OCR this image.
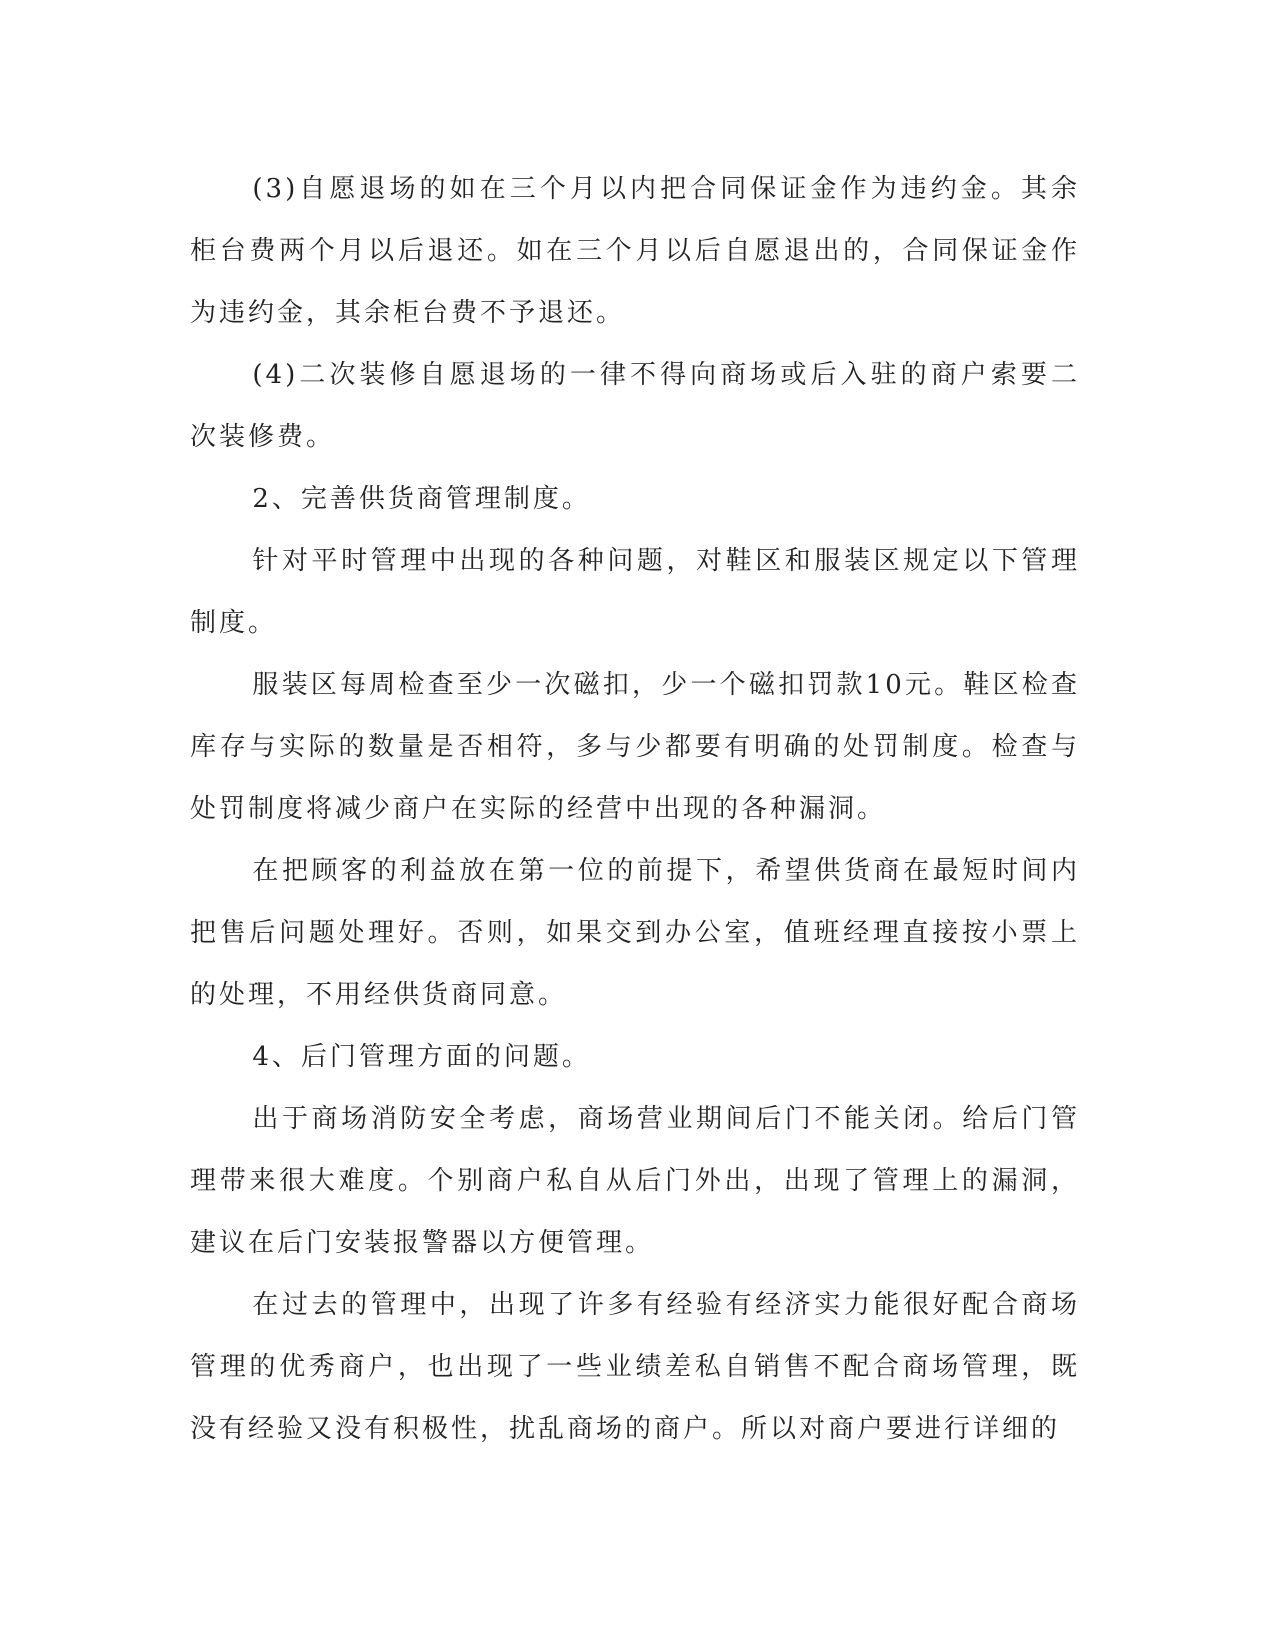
(3)自愿退场的如在三个月以内把合同保证金作为违约金。其余柜台费两个月以后退还。如在三个月以后自愿退出的，合同保证金作为违约金，其余柜台费不予退还。

(4)二次装修自愿退场的一律不得向商场或后入驻的商户索要二次装修费。

2、完善供货商管理制度。

针对平时管理中出现的各种问题，对鞋区和服装区规定以下管理制度。

服装区每周检查至少一次磁扣，少一个磁扣罚款10元。鞋区检查库存与实际的数量是否相符，多与少都要有明确的处罚制度。检查与处罚制度将减少商户在实际的经营中出现的各种漏洞。

在把顾客的利益放在第一位的前提下，希望供货商在最短时间内把售后问题处理好。否则，如果交到办公室，值班经理直接按小票上的处理，不用经供货商同意。

4、后门管理方面的问题。

出于商场消防安全考虑，商场营业期间后门不能关闭。给后门管理带来很大难度。个别商户私自从后门外出，出现了管理上的漏洞，建议在后门安装报警器以方便管理。

在过去的管理中，出现了许多有经验有经济实力能很好配合商场管理的优秀商户，也出现了一些业绩差私自销售不配合商场管理，既没有经验又没有积极性，扰乱商场的商户。所以对商户要进行详细的
